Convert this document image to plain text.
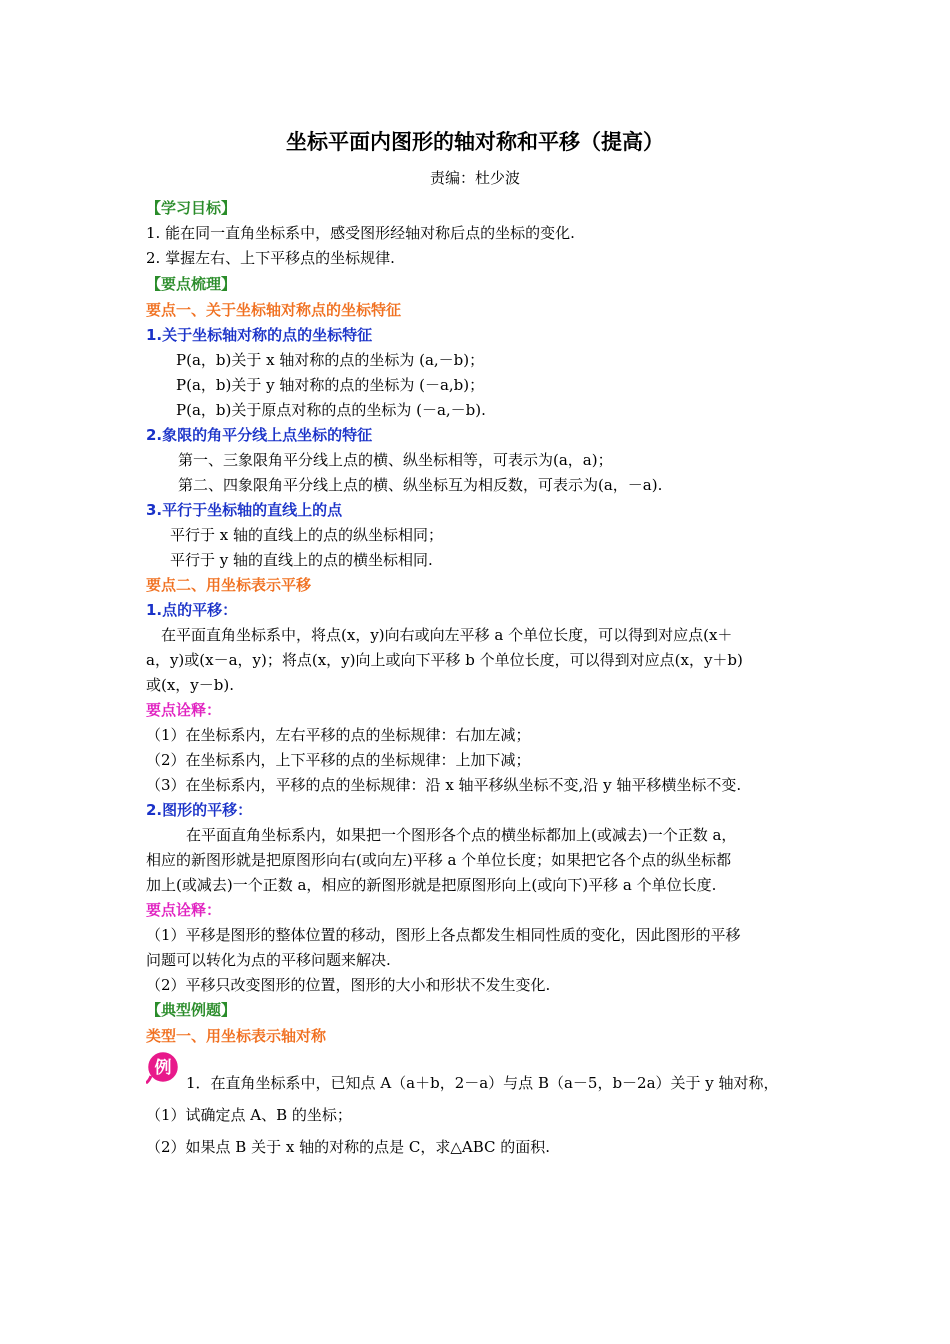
坐标平面内图形的轴对称和平移（提高）
责编：杜少波
【学习目标】
1. 能在同一直角坐标系中，感受图形经轴对称后点的坐标的变化.
2. 掌握左右、上下平移点的坐标规律.
【要点梳理】
要点一、关于坐标轴对称点的坐标特征
1.关于坐标轴对称的点的坐标特征
P(a，b)关于 x 轴对称的点的坐标为 (a,－b)；
P(a，b)关于 y 轴对称的点的坐标为 (－a,b)；
P(a，b)关于原点对称的点的坐标为 (－a,－b).
2.象限的角平分线上点坐标的特征
第一、三象限角平分线上点的横、纵坐标相等，可表示为(a，a)；
第二、四象限角平分线上点的横、纵坐标互为相反数，可表示为(a，－a).
3.平行于坐标轴的直线上的点
平行于 x 轴的直线上的点的纵坐标相同；
平行于 y 轴的直线上的点的横坐标相同.
要点二、用坐标表示平移
1.点的平移：
在平面直角坐标系中，将点(x，y)向右或向左平移 a 个单位长度，可以得到对应点(x＋
a，y)或(x－a，y)；将点(x，y)向上或向下平移 b 个单位长度，可以得到对应点(x，y＋b)
或(x，y－b).
要点诠释：
（1）在坐标系内，左右平移的点的坐标规律：右加左减；
（2）在坐标系内，上下平移的点的坐标规律：上加下减；
（3）在坐标系内，平移的点的坐标规律：沿 x 轴平移纵坐标不变,沿 y 轴平移横坐标不变.
2.图形的平移：
在平面直角坐标系内，如果把一个图形各个点的横坐标都加上(或减去)一个正数 a，
相应的新图形就是把原图形向右(或向左)平移 a 个单位长度；如果把它各个点的纵坐标都
加上(或减去)一个正数 a，相应的新图形就是把原图形向上(或向下)平移 a 个单位长度.
要点诠释：
（1）平移是图形的整体位置的移动，图形上各点都发生相同性质的变化，因此图形的平移
问题可以转化为点的平移问题来解决.
（2）平移只改变图形的位置，图形的大小和形状不发生变化.
【典型例题】
类型一、用坐标表示轴对称
例
1．在直角坐标系中，已知点 A（a＋b，2－a）与点 B（a－5，b－2a）关于 y 轴对称，
（1）试确定点 A、B 的坐标；
（2）如果点 B 关于 x 轴的对称的点是 C，求△ABC 的面积.
